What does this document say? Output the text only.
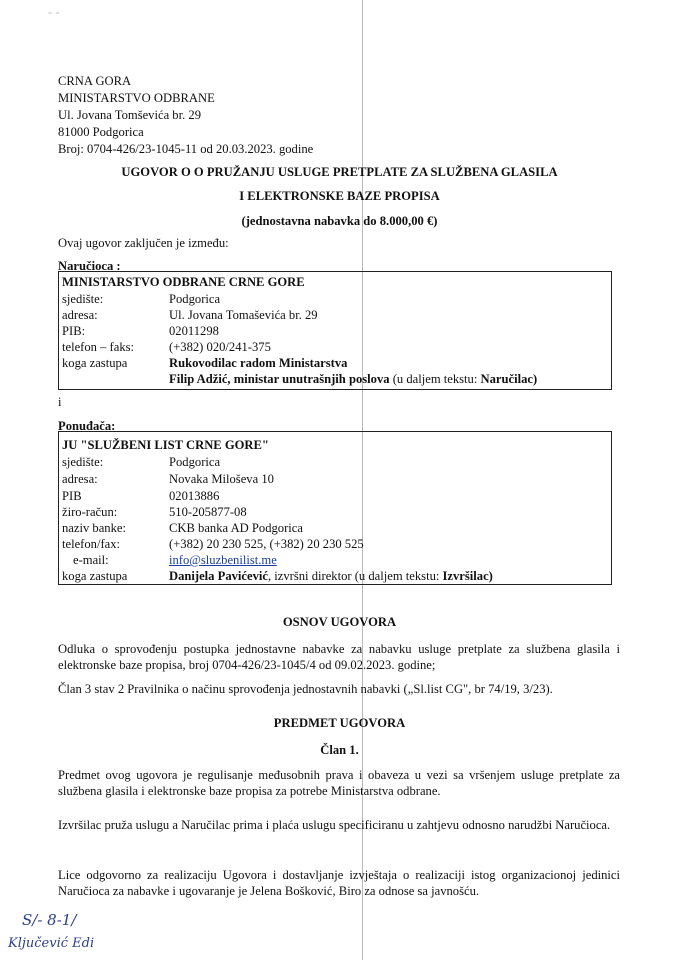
- -
CRNA GORA
MINISTARSTVO ODBRANE
Ul. Jovana Tomševića br. 29
81000 Podgorica
Broj: 0704-426/23-1045-11 od 20.03.2023. godine
UGOVOR O O PRUŽANJU USLUGE PRETPLATE ZA SLUŽBENA GLASILA
I ELEKTRONSKE BAZE PROPISA
(jednostavna nabavka do 8.000,00 €)
Ovaj ugovor zaključen je između:
Naručioca :
MINISTARSTVO ODBRANE CRNE GORE
sjedište:	Podgorica
adresa:	Ul. Jovana Tomaševića br. 29
PIB:	02011298
telefon – faks:	(+382) 020/241-375
koga zastupa	Rukovodilac radom Ministarstva
Filip Adžić, ministar unutrašnjih poslova (u daljem tekstu: Naručilac)
i
Ponuđača:
JU "SLUŽBENI LIST CRNE GORE"
sjedište:	Podgorica
adresa:	Novaka Miloševa 10
PIB	02013886
žiro-račun:	510-205877-08
naziv banke:	CKB banka AD Podgorica
telefon/fax:	(+382) 20 230 525, (+382) 20 230 525
e-mail:	info@sluzbenilist.me
koga zastupa	Danijela Pavićević, izvršni direktor (u daljem tekstu: Izvršilac)
OSNOV UGOVORA
Odluka o sprovođenju postupka jednostavne nabavke za nabavku usluge pretplate za službena glasila i elektronske baze propisa, broj 0704-426/23-1045/4 od 09.02.2023. godine;
Član 3 stav 2 Pravilnika o načinu sprovođenja jednostavnih nabavki („Sl.list CG", br 74/19, 3/23).
PREDMET UGOVORA
Član 1.
Predmet ovog ugovora je regulisanje međusobnih prava i obaveza u vezi sa vršenjem usluge pretplate za službena glasila i elektronske baze propisa za potrebe Ministarstva odbrane.
Izvršilac pruža uslugu a Naručilac prima i plaća uslugu specificiranu u zahtjevu odnosno narudžbi Naručioca.
Lice odgovorno za realizaciju Ugovora i dostavljanje izvještaja o realizaciji istog organizacionoj jedinici Naručioca za nabavke i ugovaranje je Jelena Bošković, Biro za odnose sa javnošću.
S/- 8-1/
Ključević Edi
